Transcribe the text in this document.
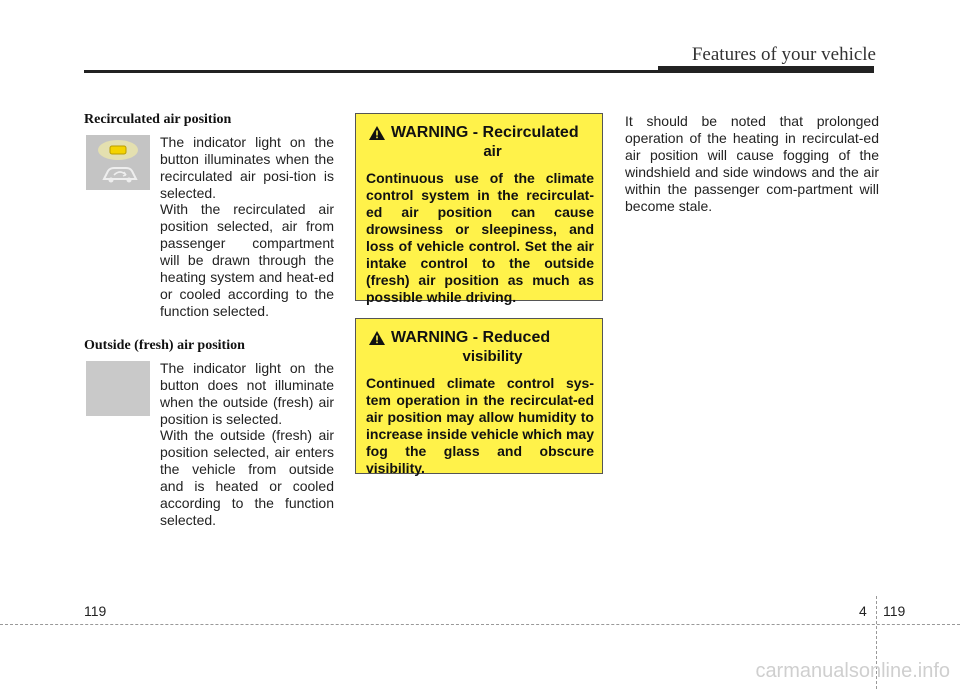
Features of your vehicle
Recirculated air position
The indicator light on the button illuminates when the recirculated air posi-tion is selected.
With the recirculated air position selected, air from passenger compartment will be drawn through the heating system and heat-ed or cooled according to the function selected.
Outside (fresh) air position
The indicator light on the button does not illuminate when the outside (fresh) air position is selected.
With the outside (fresh) air position selected, air enters the vehicle from outside and is heated or cooled according to the function selected.
WARNING - Recirculated
air
Continuous use of the climate control system in the recirculat-ed air position can cause drowsiness or sleepiness, and loss of vehicle control. Set the air intake control to the outside (fresh) air position as much as possible while driving.
WARNING - Reduced
visibility
Continued climate control sys-tem operation in the recirculat-ed air position may allow humidity to increase inside vehicle which may fog the glass and obscure visibility.
It should be noted that prolonged operation of the heating in recirculat-ed air position will cause fogging of the windshield and side windows and the air within the passenger com-partment will become stale.
119	4 119
carmanualsonline.info
